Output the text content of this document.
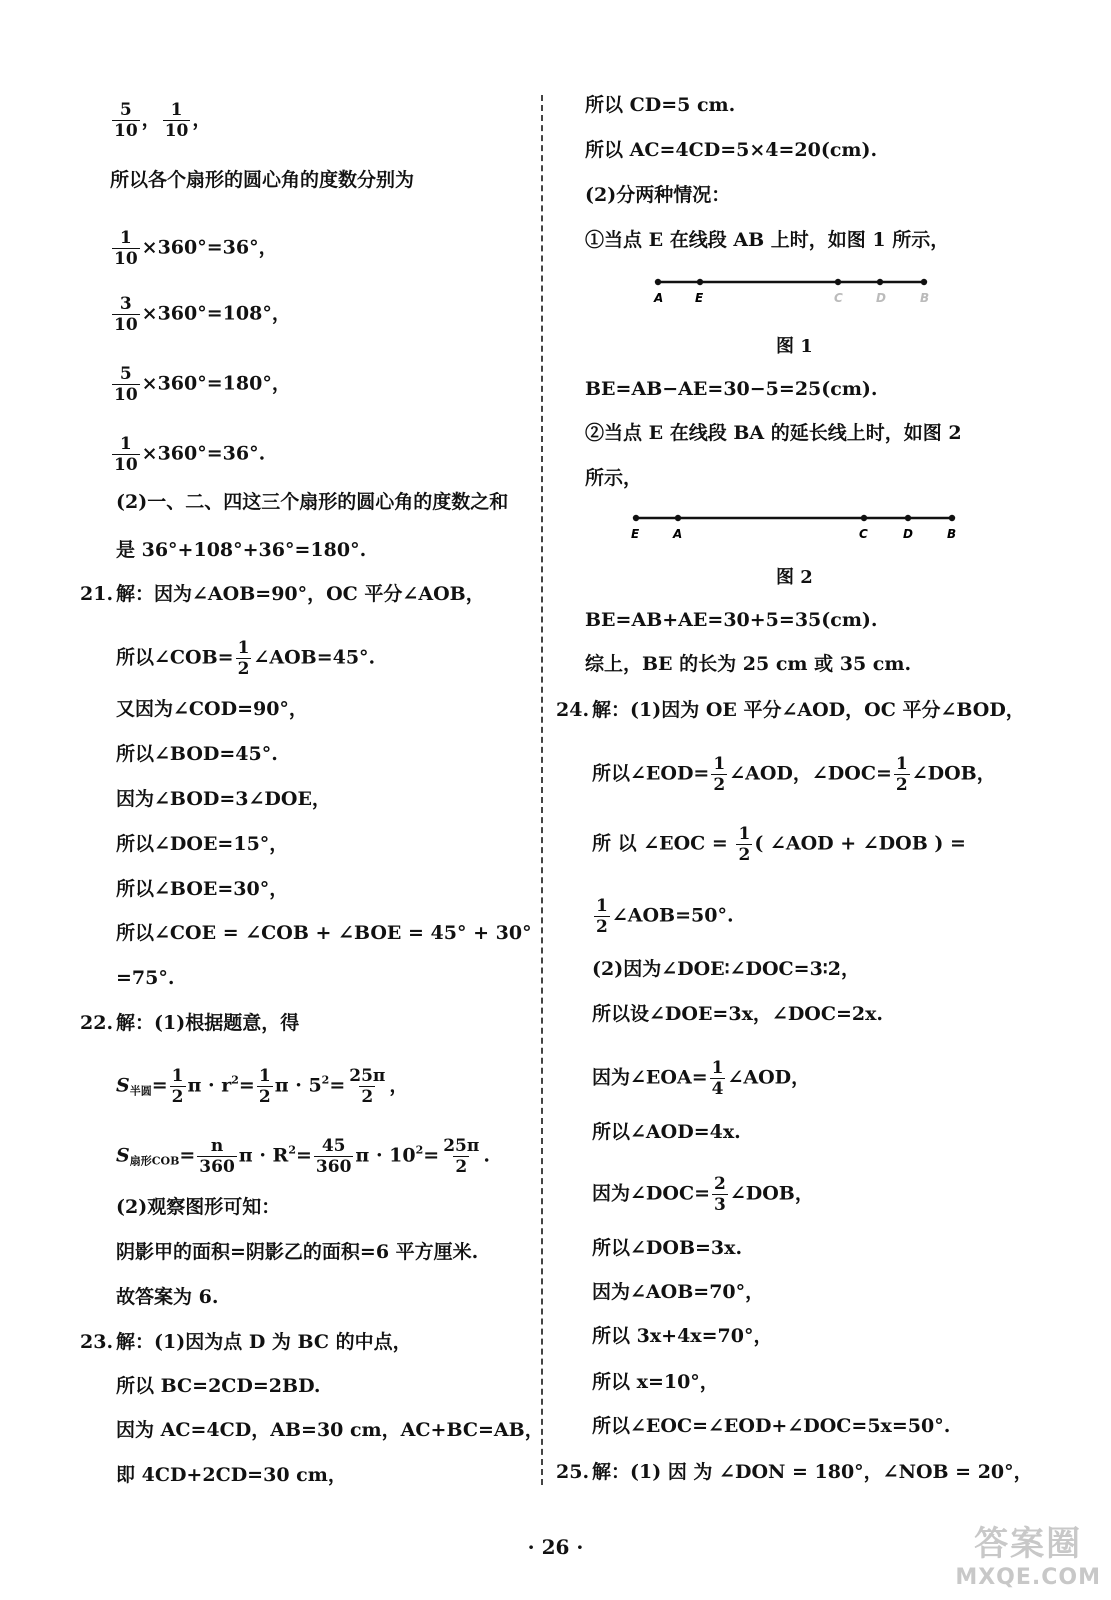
$\frac{5}{10}$ ， $\frac{1}{10}$ ，
所以各个扇形的圆心角的度数分别为
$\frac{1}{10} \times 360^\circ=36^\circ$，
$\frac{3}{10} \times 360^\circ=108^\circ$，
$\frac{5}{10} \times 360^\circ=180^\circ$，
$\frac{1}{10} \times 360^\circ=36^\circ$.
(2)一、二、四这三个扇形的圆心角的度数之和
是 36°+108°+36°=180°.
21. 解：因为∠AOB=90°，OC 平分∠AOB，
所以∠COB= $\frac{1}{2}$ ∠AOB=45°.
又因为∠COD=90°，
所以∠BOD=45°.
因为∠BOD=3∠DOE，
所以∠DOE=15°，
所以∠BOE=30°，
所以∠COE = ∠COB + ∠BOE = 45° + 30°
=75°.
22. 解：(1)根据题意，得
$S_{半圆}= \frac{1}{2}$ $\pi \cdot r^2= \frac{1}{2}$ $\pi \cdot 5^2= \frac{25\pi}{2}$ ，
$S_{扇形COB}= \frac{n}{360}$ $\pi \cdot R^2= \frac{45}{360}$ $\pi \cdot 10^2= \frac{25\pi}{2}$ .
(2)观察图形可知：
阴影甲的面积=阴影乙的面积=6 平方厘米.
故答案为 6.
23. 解：(1)因为点 D 为 BC 的中点，
所以 BC=2CD=2BD.
因为 AC=4CD，AB=30 cm，AC+BC=AB，
即 4CD+2CD=30 cm，
所以 CD=5 cm.
所以 AC=4CD=5×4=20(cm).
(2)分两种情况：
①当点 E 在线段 AB 上时，如图 1 所示，
A	E	C	D	B
图 1
BE=AB−AE=30−5=25(cm).
②当点 E 在线段 BA 的延长线上时，如图 2
所示，
E	A	C	D	B
图 2
BE=AB+AE=30+5=35(cm).
综上，BE 的长为 25 cm 或 35 cm.
24. 解：(1)因为 OE 平分∠AOD，OC 平分∠BOD，
所以∠EOD= $\frac{1}{2}$ ∠AOD，∠DOC= $\frac{1}{2}$ ∠DOB，
所 以 ∠EOC = $\frac{1}{2}$ ( ∠AOD + ∠DOB ) =
$\frac{1}{2}$ ∠AOB=50°.
(2)因为∠DOE∶∠DOC=3∶2，
所以设∠DOE=3x，∠DOC=2x.
因为∠EOA= $\frac{1}{4}$ ∠AOD，
所以∠AOD=4x.
因为∠DOC= $\frac{2}{3}$ ∠DOB，
所以∠DOB=3x.
因为∠AOB=70°，
所以 3x+4x=70°，
所以 x=10°，
所以∠EOC=∠EOD+∠DOC=5x=50°.
25. 解：(1) 因 为 ∠DON = 180°，∠NOB = 20°，
· 26 ·	答案圈
MXQE.COM
